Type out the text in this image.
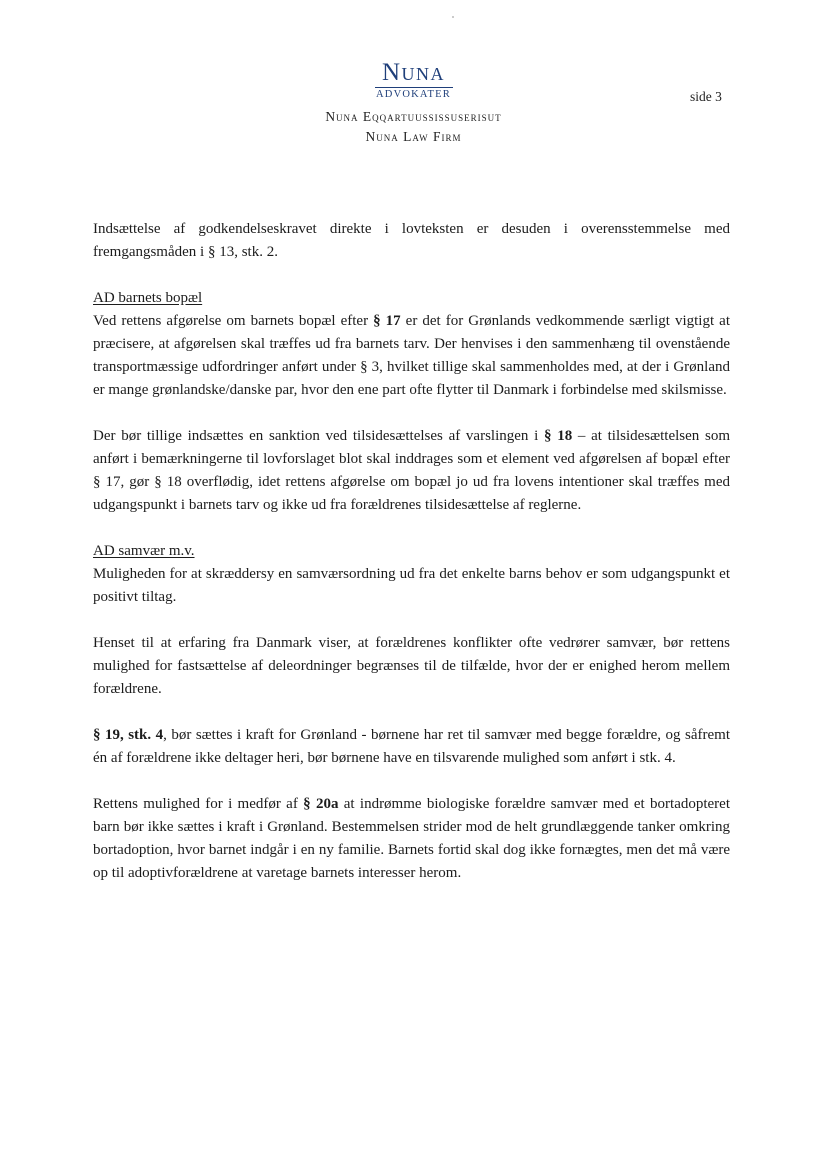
Nuna
ADVOKATER
Nuna Eqqartuussissuserisut
Nuna Law Firm
side 3

Indsættelse af godkendelseskravet direkte i lovteksten er desuden i overensstemmelse med fremgangsmåden i § 13, stk. 2.

AD barnets bopæl
Ved rettens afgørelse om barnets bopæl efter § 17 er det for Grønlands vedkommende særligt vigtigt at præcisere, at afgørelsen skal træffes ud fra barnets tarv. Der henvises i den sammenhæng til ovenstående transportmæssige udfordringer anført under § 3, hvilket tillige skal sammenholdes med, at der i Grønland er mange grønlandske/danske par, hvor den ene part ofte flytter til Danmark i forbindelse med skilsmisse.

Der bør tillige indsættes en sanktion ved tilsidesættelses af varslingen i § 18 – at tilsidesættelsen som anført i bemærkningerne til lovforslaget blot skal inddrages som et element ved afgørelsen af bopæl efter § 17, gør § 18 overflødig, idet rettens afgørelse om bopæl jo ud fra lovens intentioner skal træffes med udgangspunkt i barnets tarv og ikke ud fra forældrenes tilsidesættelse af reglerne.

AD samvær m.v.
Muligheden for at skræddersy en samværsordning ud fra det enkelte barns behov er som udgangspunkt et positivt tiltag.

Henset til at erfaring fra Danmark viser, at forældrenes konflikter ofte vedrører samvær, bør rettens mulighed for fastsættelse af deleordninger begrænses til de tilfælde, hvor der er enighed herom mellem forældrene.

§ 19, stk. 4, bør sættes i kraft for Grønland - børnene har ret til samvær med begge forældre, og såfremt én af forældrene ikke deltager heri, bør børnene have en tilsvarende mulighed som anført i stk. 4.

Rettens mulighed for i medfør af § 20a at indrømme biologiske forældre samvær med et bortadopteret barn bør ikke sættes i kraft i Grønland. Bestemmelsen strider mod de helt grundlæggende tanker omkring bortadoption, hvor barnet indgår i en ny familie. Barnets fortid skal dog ikke fornægtes, men det må være op til adoptivforældrene at varetage barnets interesser herom.
